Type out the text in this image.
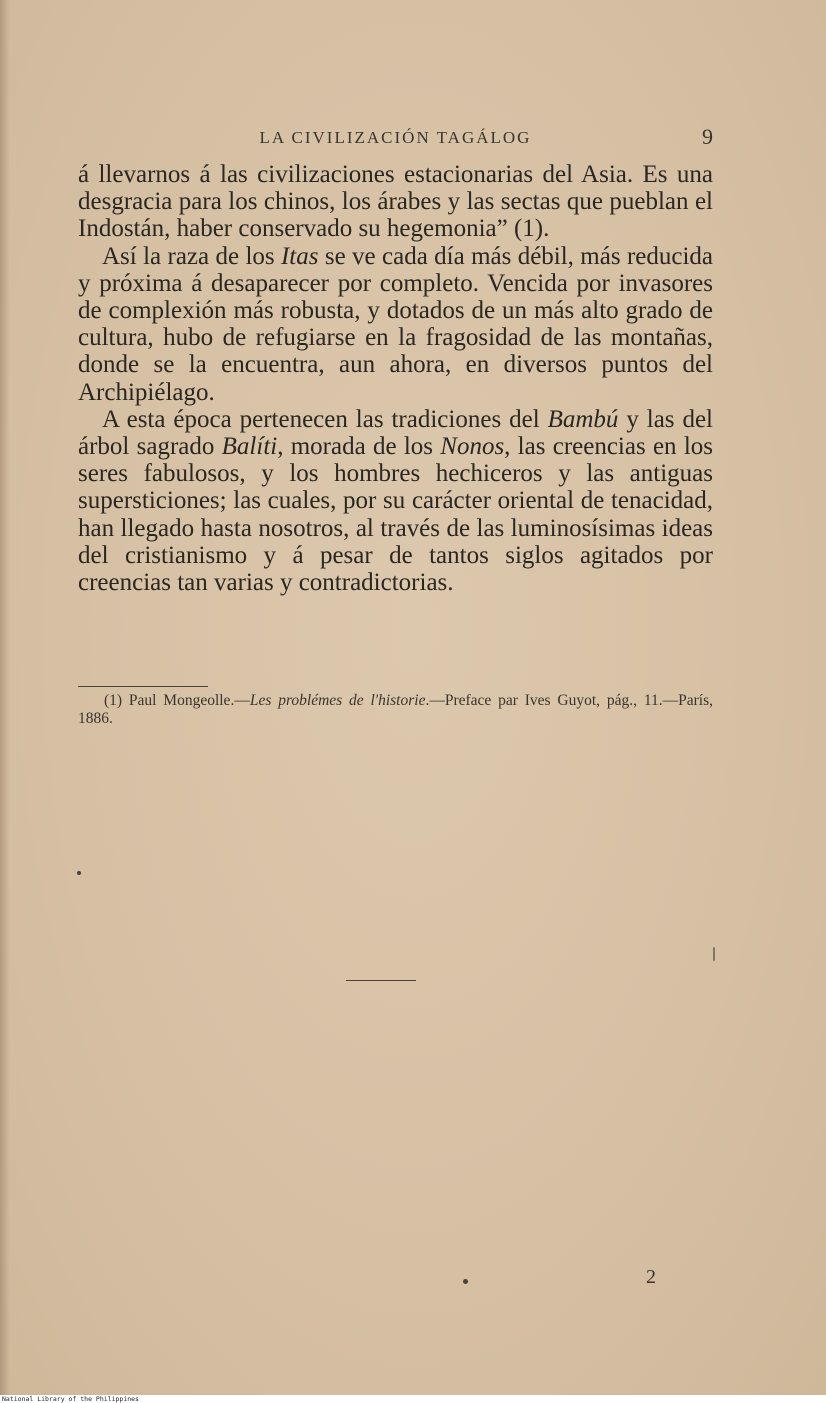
LA CIVILIZACIÓN TAGÁLOG	9

á llevarnos á las civilizaciones estacionarias del Asia. Es una desgracia para los chinos, los árabes y las sectas que pueblan el Indostán, haber conservado su hegemonia” (1).

Así la raza de los Itas se ve cada día más débil, más reducida y próxima á desaparecer por completo. Vencida por invasores de complexión más robusta, y dotados de un más alto grado de cultura, hubo de refugiarse en la fragosidad de las montañas, donde se la encuentra, aun ahora, en diversos puntos del Archipiélago.

A esta época pertenecen las tradiciones del Bambú y las del árbol sagrado Balíti, morada de los Nonos, las creencias en los seres fabulosos, y los hombres hechiceros y las antiguas supersticiones; las cuales, por su carácter oriental de tenacidad, han llegado hasta nosotros, al través de las luminosísimas ideas del cristianismo y á pesar de tantos siglos agitados por creencias tan varias y contradictorias.

(1) Paul Mongeolle.—Les problémes de l'historie.—Preface par Ives Guyot, pág., 11.—París, 1886.

2
National Library of the Philippines
